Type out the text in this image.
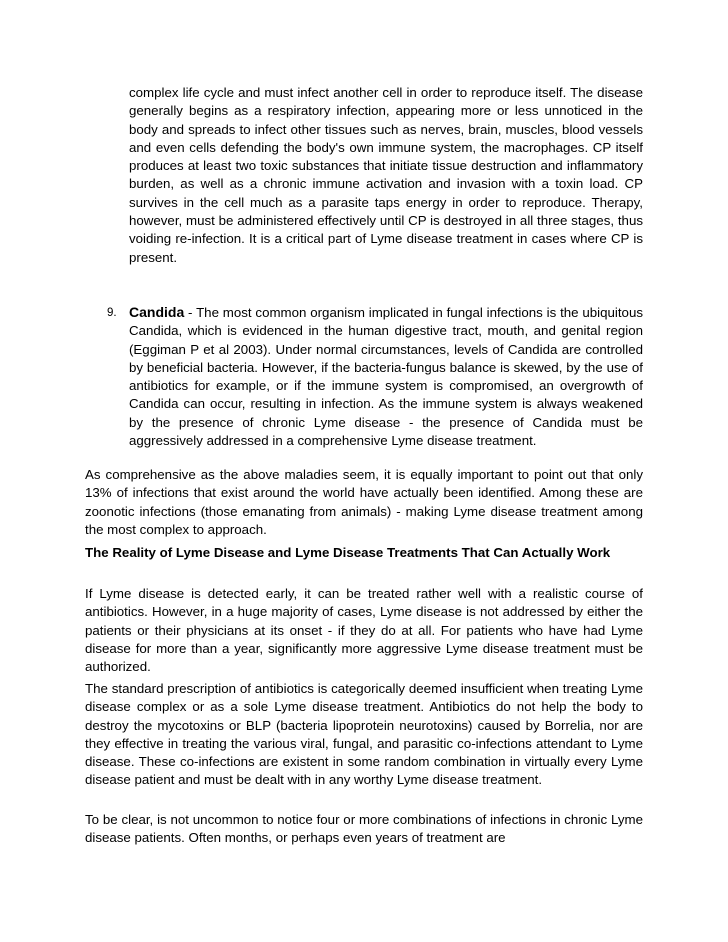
complex life cycle and must infect another cell in order to reproduce itself. The disease generally begins as a respiratory infection, appearing more or less unnoticed in the body and spreads to infect other tissues such as nerves, brain, muscles, blood vessels and even cells defending the body's own immune system, the macrophages. CP itself produces at least two toxic substances that initiate tissue destruction and inflammatory burden, as well as a chronic immune activation and invasion with a toxin load. CP survives in the cell much as a parasite taps energy in order to reproduce. Therapy, however, must be administered effectively until CP is destroyed in all three stages, thus voiding re-infection. It is a critical part of Lyme disease treatment in cases where CP is present.

9. Candida - The most common organism implicated in fungal infections is the ubiquitous Candida, which is evidenced in the human digestive tract, mouth, and genital region (Eggiman P et al 2003). Under normal circumstances, levels of Candida are controlled by beneficial bacteria. However, if the bacteria-fungus balance is skewed, by the use of antibiotics for example, or if the immune system is compromised, an overgrowth of Candida can occur, resulting in infection. As the immune system is always weakened by the presence of chronic Lyme disease - the presence of Candida must be aggressively addressed in a comprehensive Lyme disease treatment.

As comprehensive as the above maladies seem, it is equally important to point out that only 13% of infections that exist around the world have actually been identified. Among these are zoonotic infections (those emanating from animals) - making Lyme disease treatment among the most complex to approach.

The Reality of Lyme Disease and Lyme Disease Treatments That Can Actually Work

If Lyme disease is detected early, it can be treated rather well with a realistic course of antibiotics. However, in a huge majority of cases, Lyme disease is not addressed by either the patients or their physicians at its onset - if they do at all. For patients who have had Lyme disease for more than a year, significantly more aggressive Lyme disease treatment must be authorized.

The standard prescription of antibiotics is categorically deemed insufficient when treating Lyme disease complex or as a sole Lyme disease treatment. Antibiotics do not help the body to destroy the mycotoxins or BLP (bacteria lipoprotein neurotoxins) caused by Borrelia, nor are they effective in treating the various viral, fungal, and parasitic co-infections attendant to Lyme disease. These co-infections are existent in some random combination in virtually every Lyme disease patient and must be dealt with in any worthy Lyme disease treatment.

To be clear, is not uncommon to notice four or more combinations of infections in chronic Lyme disease patients. Often months, or perhaps even years of treatment are
